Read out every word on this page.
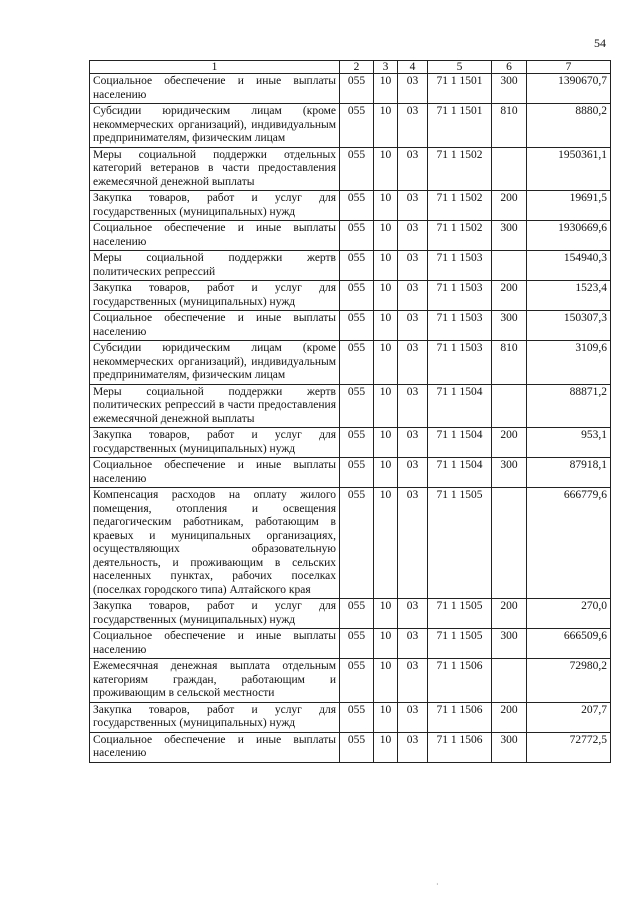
54
1	2	3	4	5	6	7
Социальное обеспечение и иные выплаты населению	055	10	03	71 1 1501	300	1390670,7
Субсидии юридическим лицам (кроме некоммерческих организаций), индивидуальным предпринимателям, физическим лицам	055	10	03	71 1 1501	810	8880,2
Меры социальной поддержки отдельных категорий ветеранов в части предоставления ежемесячной денежной выплаты	055	10	03	71 1 1502		1950361,1
Закупка товаров, работ и услуг для государственных (муниципальных) нужд	055	10	03	71 1 1502	200	19691,5
Социальное обеспечение и иные выплаты населению	055	10	03	71 1 1502	300	1930669,6
Меры социальной поддержки жертв политических репрессий	055	10	03	71 1 1503		154940,3
Закупка товаров, работ и услуг для государственных (муниципальных) нужд	055	10	03	71 1 1503	200	1523,4
Социальное обеспечение и иные выплаты населению	055	10	03	71 1 1503	300	150307,3
Субсидии юридическим лицам (кроме некоммерческих организаций), индивидуальным предпринимателям, физическим лицам	055	10	03	71 1 1503	810	3109,6
Меры социальной поддержки жертв политических репрессий в части предоставления ежемесячной денежной выплаты	055	10	03	71 1 1504		88871,2
Закупка товаров, работ и услуг для государственных (муниципальных) нужд	055	10	03	71 1 1504	200	953,1
Социальное обеспечение и иные выплаты населению	055	10	03	71 1 1504	300	87918,1
Компенсация расходов на оплату жилого помещения, отопления и освещения педагогическим работникам, работающим в краевых и муниципальных организациях, осуществляющих образовательную деятельность, и проживающим в сельских населенных пунктах, рабочих поселках (поселках городского типа) Алтайского края	055	10	03	71 1 1505		666779,6
Закупка товаров, работ и услуг для государственных (муниципальных) нужд	055	10	03	71 1 1505	200	270,0
Социальное обеспечение и иные выплаты населению	055	10	03	71 1 1505	300	666509,6
Ежемесячная денежная выплата отдельным категориям граждан, работающим и проживающим в сельской местности	055	10	03	71 1 1506		72980,2
Закупка товаров, работ и услуг для государственных (муниципальных) нужд	055	10	03	71 1 1506	200	207,7
Социальное обеспечение и иные выплаты населению	055	10	03	71 1 1506	300	72772,5
·
